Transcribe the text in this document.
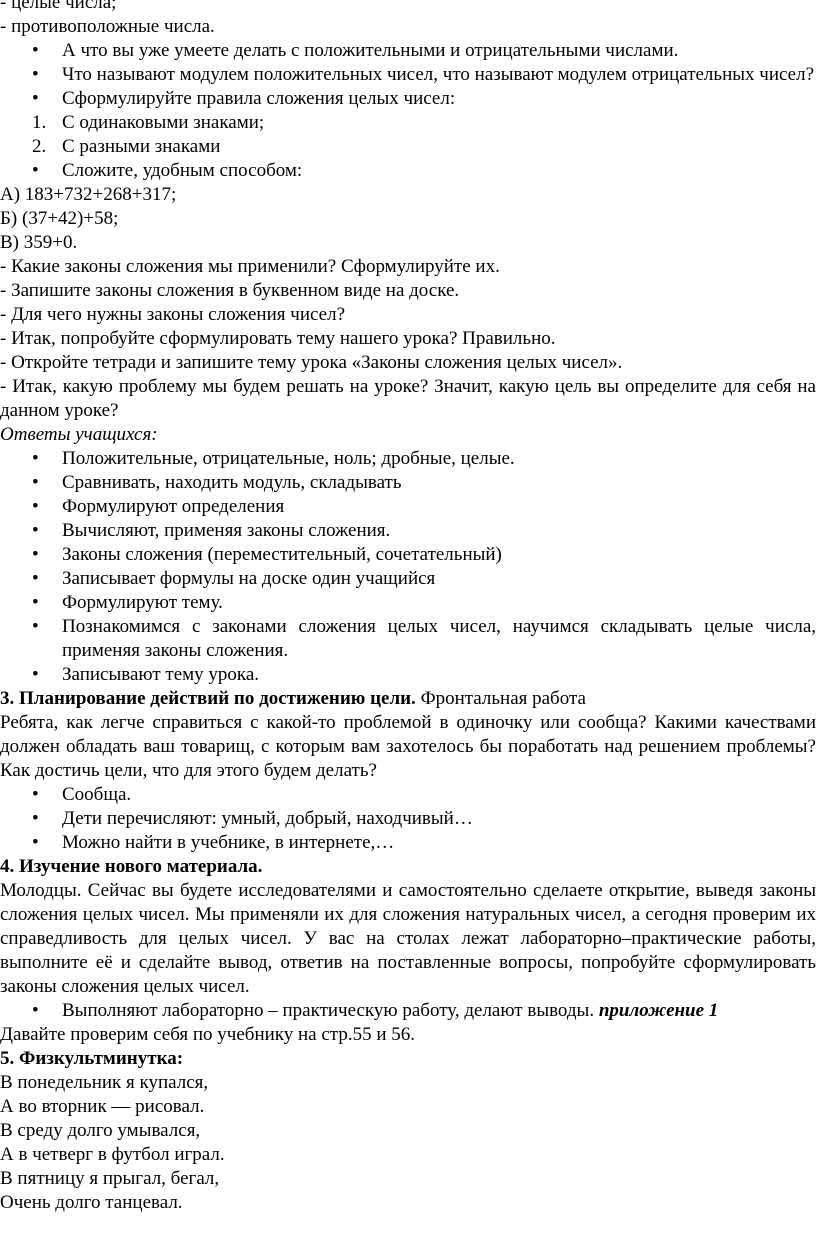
- целые числа;
- противоположные числа.
• А что вы уже умеете делать с положительными и отрицательными числами.
• Что называют модулем положительных чисел, что называют модулем отрицательных чисел?
• Сформулируйте правила сложения целых чисел:
1. С одинаковыми знаками;
2. С разными знаками
• Сложите, удобным способом:
А) 183+732+268+317;
Б) (37+42)+58;
В) 359+0.
- Какие законы сложения мы применили? Сформулируйте их.
- Запишите законы сложения в буквенном виде на доске.
- Для чего нужны законы сложения чисел?
- Итак, попробуйте сформулировать тему нашего урока? Правильно.
- Откройте тетради и запишите тему урока «Законы сложения целых чисел».
- Итак, какую проблему мы будем решать на уроке? Значит, какую цель вы определите для себя на данном уроке?
Ответы учащихся:
• Положительные, отрицательные, ноль; дробные, целые.
• Сравнивать, находить модуль, складывать
• Формулируют определения
• Вычисляют, применяя законы сложения.
• Законы сложения (переместительный, сочетательный)
• Записывает формулы на доске один учащийся
• Формулируют тему.
• Познакомимся с законами сложения целых чисел, научимся складывать целые числа, применяя законы сложения.
• Записывают тему урока.
3. Планирование действий по достижению цели. Фронтальная работа
Ребята, как легче справиться с какой-то проблемой в одиночку или сообща? Какими качествами должен обладать ваш товарищ, с которым вам захотелось бы поработать над решением проблемы? Как достичь цели, что для этого будем делать?
• Сообща.
• Дети перечисляют: умный, добрый, находчивый…
• Можно найти в учебнике, в интернете,…
4. Изучение нового материала.
Молодцы. Сейчас вы будете исследователями и самостоятельно сделаете открытие, выведя законы сложения целых чисел. Мы применяли их для сложения натуральных чисел, а сегодня проверим их справедливость для целых чисел. У вас на столах лежат лабораторно–практические работы, выполните её и сделайте вывод, ответив на поставленные вопросы, попробуйте сформулировать законы сложения целых чисел.
• Выполняют лабораторно – практическую работу, делают выводы. приложение 1
Давайте проверим себя по учебнику на стр.55 и 56.
5. Физкультминутка:
В понедельник я купался,
А во вторник — рисовал.
В среду долго умывался,
А в четверг в футбол играл.
В пятницу я прыгал, бегал,
Очень долго танцевал.
